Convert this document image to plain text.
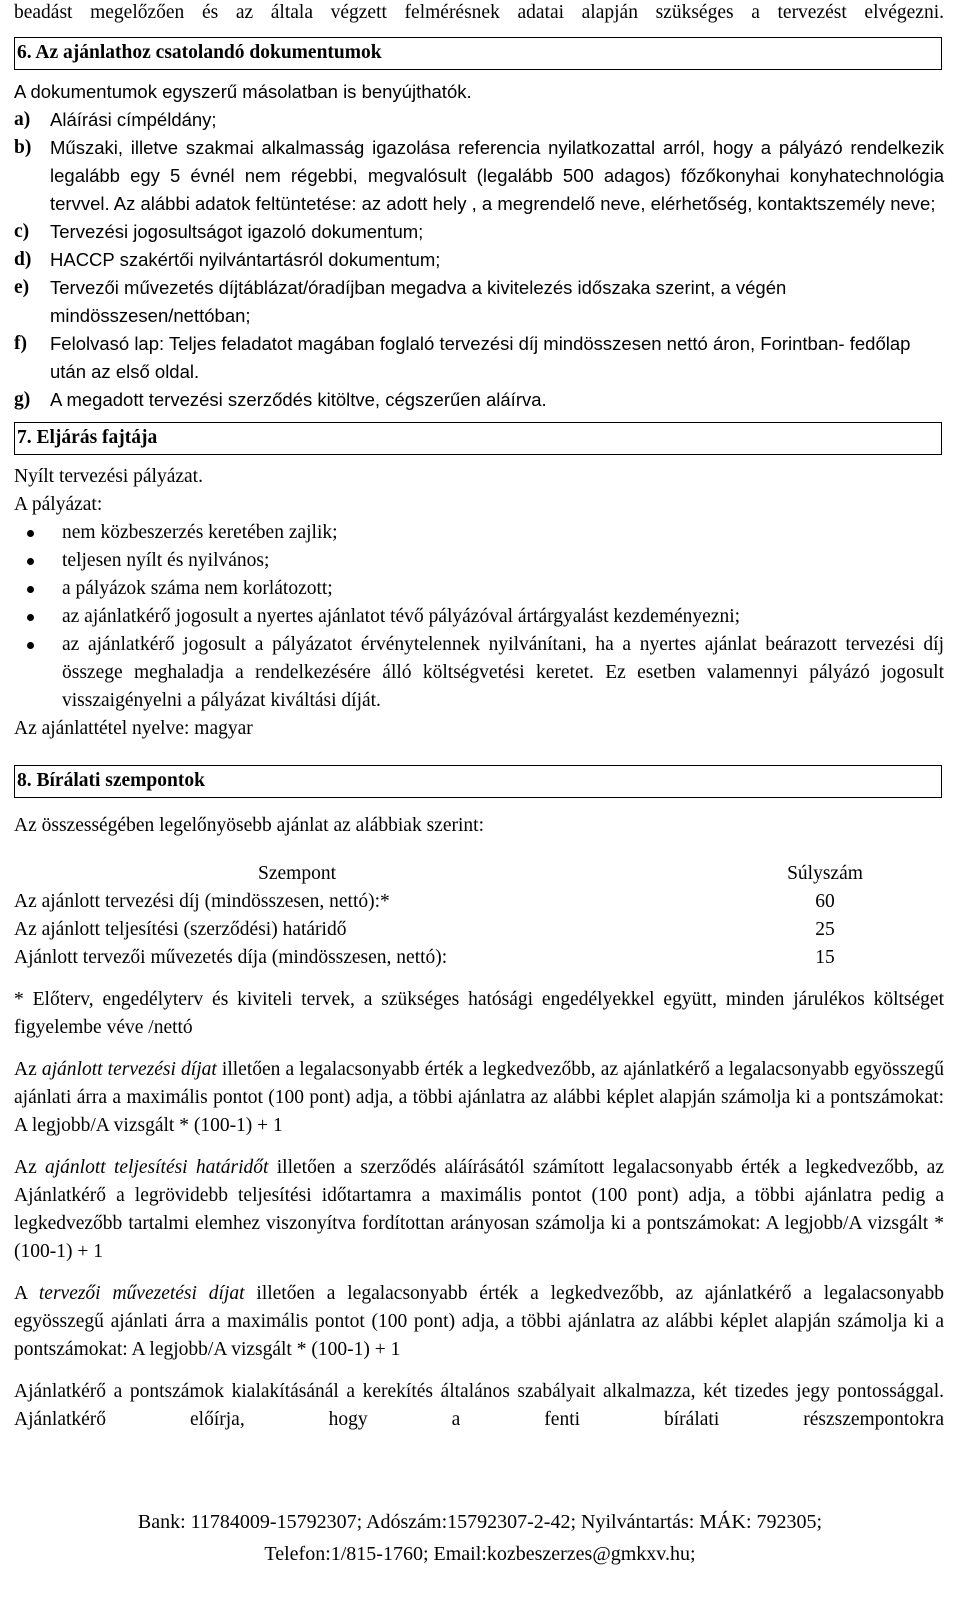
beadást megelőzően és az általa végzett felmérésnek adatai alapján szükséges a tervezést elvégezni.

6. Az ajánlathoz csatolandó dokumentumok

A dokumentumok egyszerű másolatban is benyújthatók.

a)	Aláírási címpéldány;
b)	Műszaki, illetve szakmai alkalmasság igazolása referencia nyilatkozattal arról, hogy a pályázó rendelkezik legalább egy 5 évnél nem régebbi, megvalósult (legalább 500 adagos) főzőkonyhai konyhatechnológia tervvel. Az alábbi adatok feltüntetése: az adott hely , a megrendelő neve, elérhetőség, kontaktszemély neve;
c)	Tervezési jogosultságot igazoló dokumentum;
d)	HACCP szakértői nyilvántartásról dokumentum;
e)	Tervezői művezetés díjtáblázat/óradíjban megadva a kivitelezés időszaka szerint, a végén mindösszesen/nettóban;
f)	Felolvasó lap: Teljes feladatot magában foglaló tervezési díj mindösszesen nettó áron, Forintban- fedőlap után az első oldal.
g)	A megadott tervezési szerződés kitöltve, cégszerűen aláírva.
7. Eljárás fajtája

Nyílt tervezési pályázat.

A pályázat:

nem közbeszerzés keretében zajlik;
teljesen nyílt és nyilvános;
a pályázok száma nem korlátozott;
az ajánlatkérő jogosult a nyertes ajánlatot tévő pályázóval ártárgyalást kezdeményezni;
az ajánlatkérő jogosult a pályázatot érvénytelennek nyilvánítani, ha a nyertes ajánlat beárazott tervezési díj összege meghaladja a rendelkezésére álló költségvetési keretet. Ez esetben valamennyi pályázó jogosult visszaigényelni a pályázat kiváltási díját.

Az ajánlattétel nyelve: magyar

8. Bírálati szempontok

Az összességében legelőnyösebb ajánlat az alábbiak szerint:

Szempont	Súlyszám
Az ajánlott tervezési díj (mindösszesen, nettó):*	60
Az ajánlott teljesítési (szerződési) határidő	25
Ajánlott tervezői művezetés díja (mindösszesen, nettó):	15

* Előterv, engedélyterv és kiviteli tervek, a szükséges hatósági engedélyekkel együtt, minden járulékos költséget figyelembe véve /nettó

Az ajánlott tervezési díjat illetően a legalacsonyabb érték a legkedvezőbb, az ajánlatkérő a legalacsonyabb egyösszegű ajánlati árra a maximális pontot (100 pont) adja, a többi ajánlatra az alábbi képlet alapján számolja ki a pontszámokat: A legjobb/A vizsgált * (100-1) + 1

Az ajánlott teljesítési határidőt illetően a szerződés aláírásától számított legalacsonyabb érték a legkedvezőbb, az Ajánlatkérő a legrövidebb teljesítési időtartamra a maximális pontot (100 pont) adja, a többi ajánlatra pedig a legkedvezőbb tartalmi elemhez viszonyítva fordítottan arányosan számolja ki a pontszámokat: A legjobb/A vizsgált * (100-1) + 1

A tervezői művezetési díjat illetően a legalacsonyabb érték a legkedvezőbb, az ajánlatkérő a legalacsonyabb egyösszegű ajánlati árra a maximális pontot (100 pont) adja, a többi ajánlatra az alábbi képlet alapján számolja ki a pontszámokat: A legjobb/A vizsgált * (100-1) + 1

Ajánlatkérő a pontszámok kialakításánál a kerekítés általános szabályait alkalmazza, két tizedes jegy pontossággal. Ajánlatkérő előírja, hogy a fenti bírálati részszempontokra

Bank: 11784009-15792307; Adószám:15792307-2-42; Nyilvántartás: MÁK: 792305;
Telefon:1/815-1760; Email:kozbeszerzes@gmkxv.hu;
